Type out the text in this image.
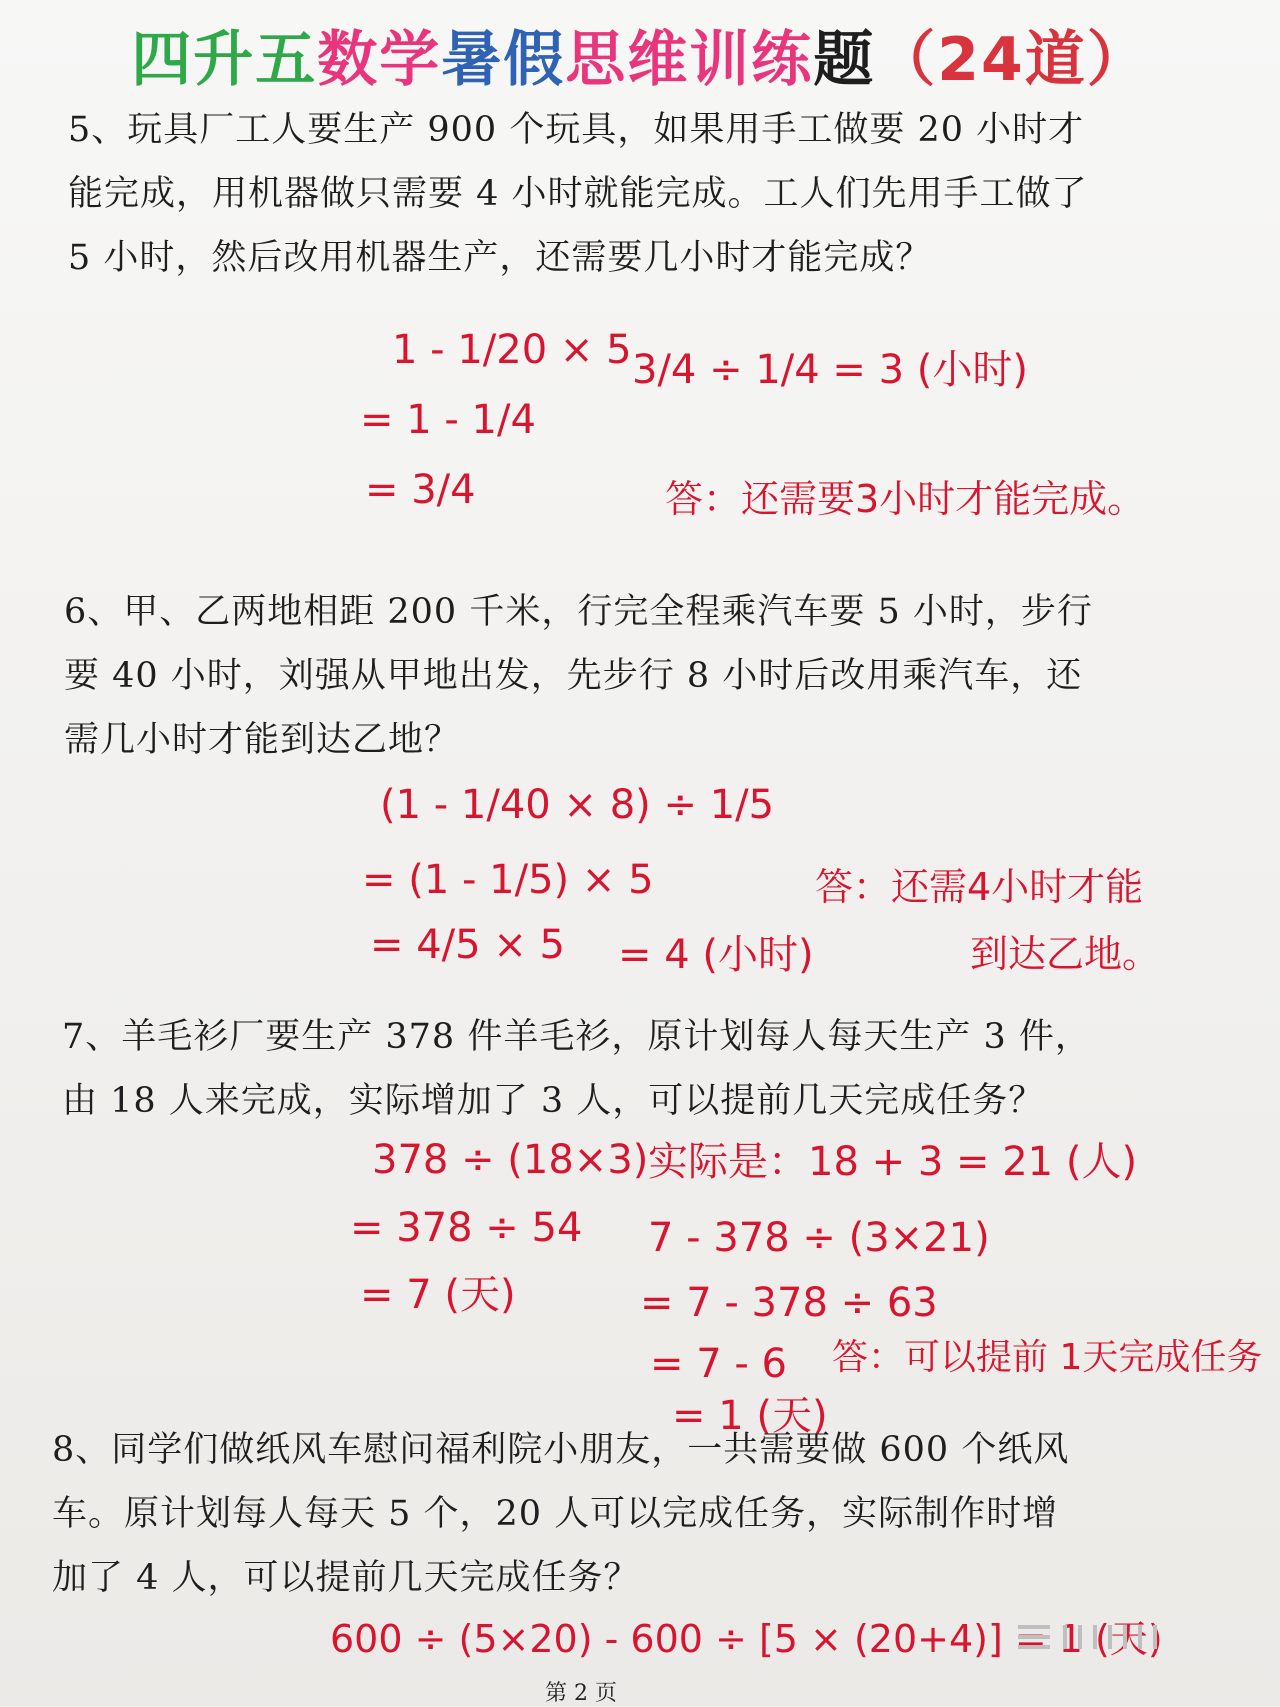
四升五数学暑假思维训练题（24道）
5、玩具厂工人要生产 900 个玩具，如果用手工做要 20 小时才
能完成，用机器做只需要 4 小时就能完成。工人们先用手工做了
5 小时，然后改用机器生产，还需要几小时才能完成？
1 - 1/20 × 5
= 1 - 1/4
= 3/4
3/4 ÷ 1/4 = 3 (小时)
答：还需要3小时才能完成。
6、甲、乙两地相距 200 千米，行完全程乘汽车要 5 小时，步行
要 40 小时，刘强从甲地出发，先步行 8 小时后改用乘汽车，还
需几小时才能到达乙地？
(1 - 1/40 × 8) ÷ 1/5
= (1 - 1/5) × 5
= 4/5 × 5 = 4 (小时)
答：还需4小时才能
到达乙地。
7、羊毛衫厂要生产 378 件羊毛衫，原计划每人每天生产 3 件，
由 18 人来完成，实际增加了 3 人，可以提前几天完成任务？
378 ÷ (18×3)
= 378 ÷ 54
= 7 (天)
实际是：18 + 3 = 21 (人)
7 - 378 ÷ (3×21)
= 7 - 378 ÷ 63
= 7 - 6
= 1 (天)
答：可以提前 1天完成任务
8、同学们做纸风车慰问福利院小朋友，一共需要做 600 个纸风
车。原计划每人每天 5 个，20 人可以完成任务，实际制作时增
加了 4 人，可以提前几天完成任务？
600 ÷ (5×20) - 600 ÷ [5 × (20+4)] = 1 (天)
第 2 页
